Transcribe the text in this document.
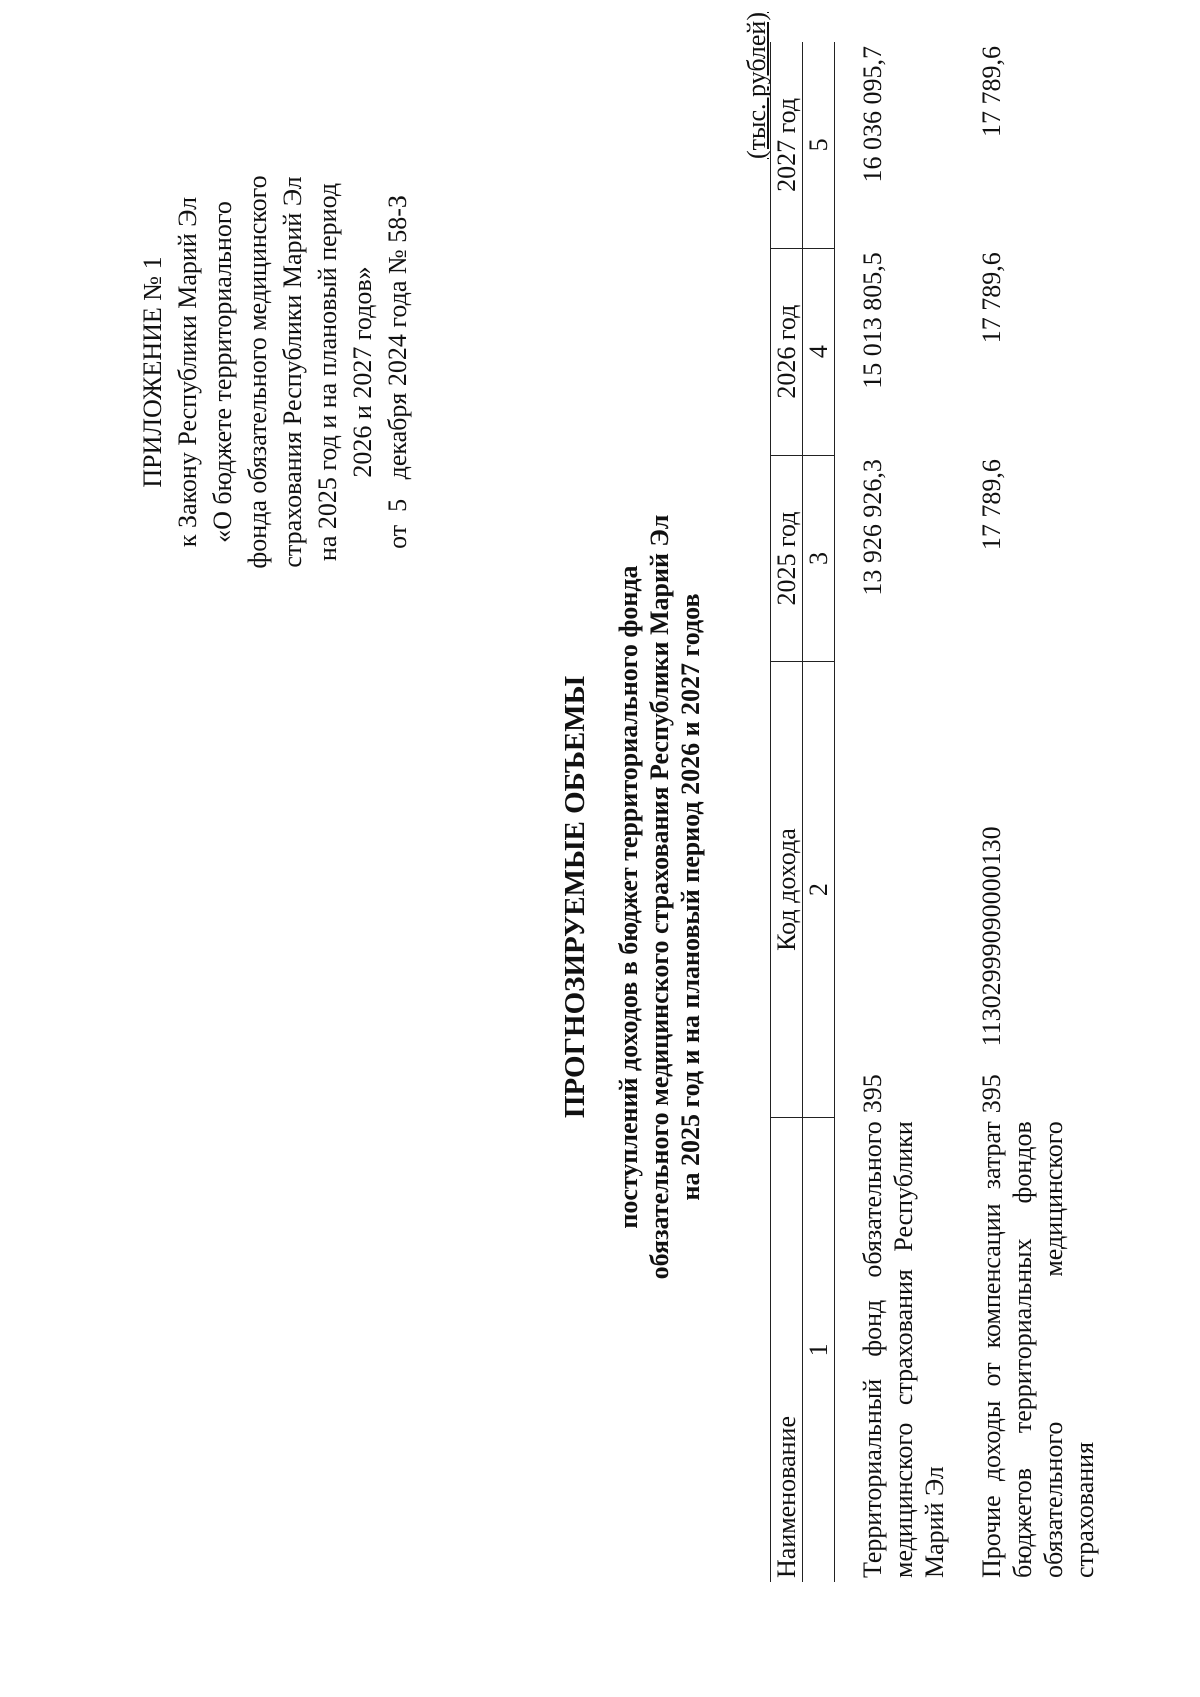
ПРИЛОЖЕНИЕ № 1 к Закону Республики Марий Эл «О бюджете территориального фонда обязательного медицинского страхования Республики Марий Эл на 2025 год и на плановый период 2026 и 2027 годов»
от  5   декабря 2024 года № 58-З
ПРОГНОЗИРУЕМЫЕ ОБЪЕМЫ поступлений доходов в бюджет территориального фонда обязательного медицинского страхования Республики Марий Эл на 2025 год и на плановый период 2026 и 2027 годов
(тыс. рублей)
Наименование	Код дохода		2025 год	2026 год	2027 год
1	2		3	4	5
Территориальный фонд обязательного медицинского страхования Республики Марий Эл	395		13 926 926,3	15 013 805,5	16 036 095,7
Прочие доходы от компенсации затрат бюджетов территориальных фондов обязательного медицинского страхования	395	11302999090000130	17 789,6	17 789,6	17 789,6
